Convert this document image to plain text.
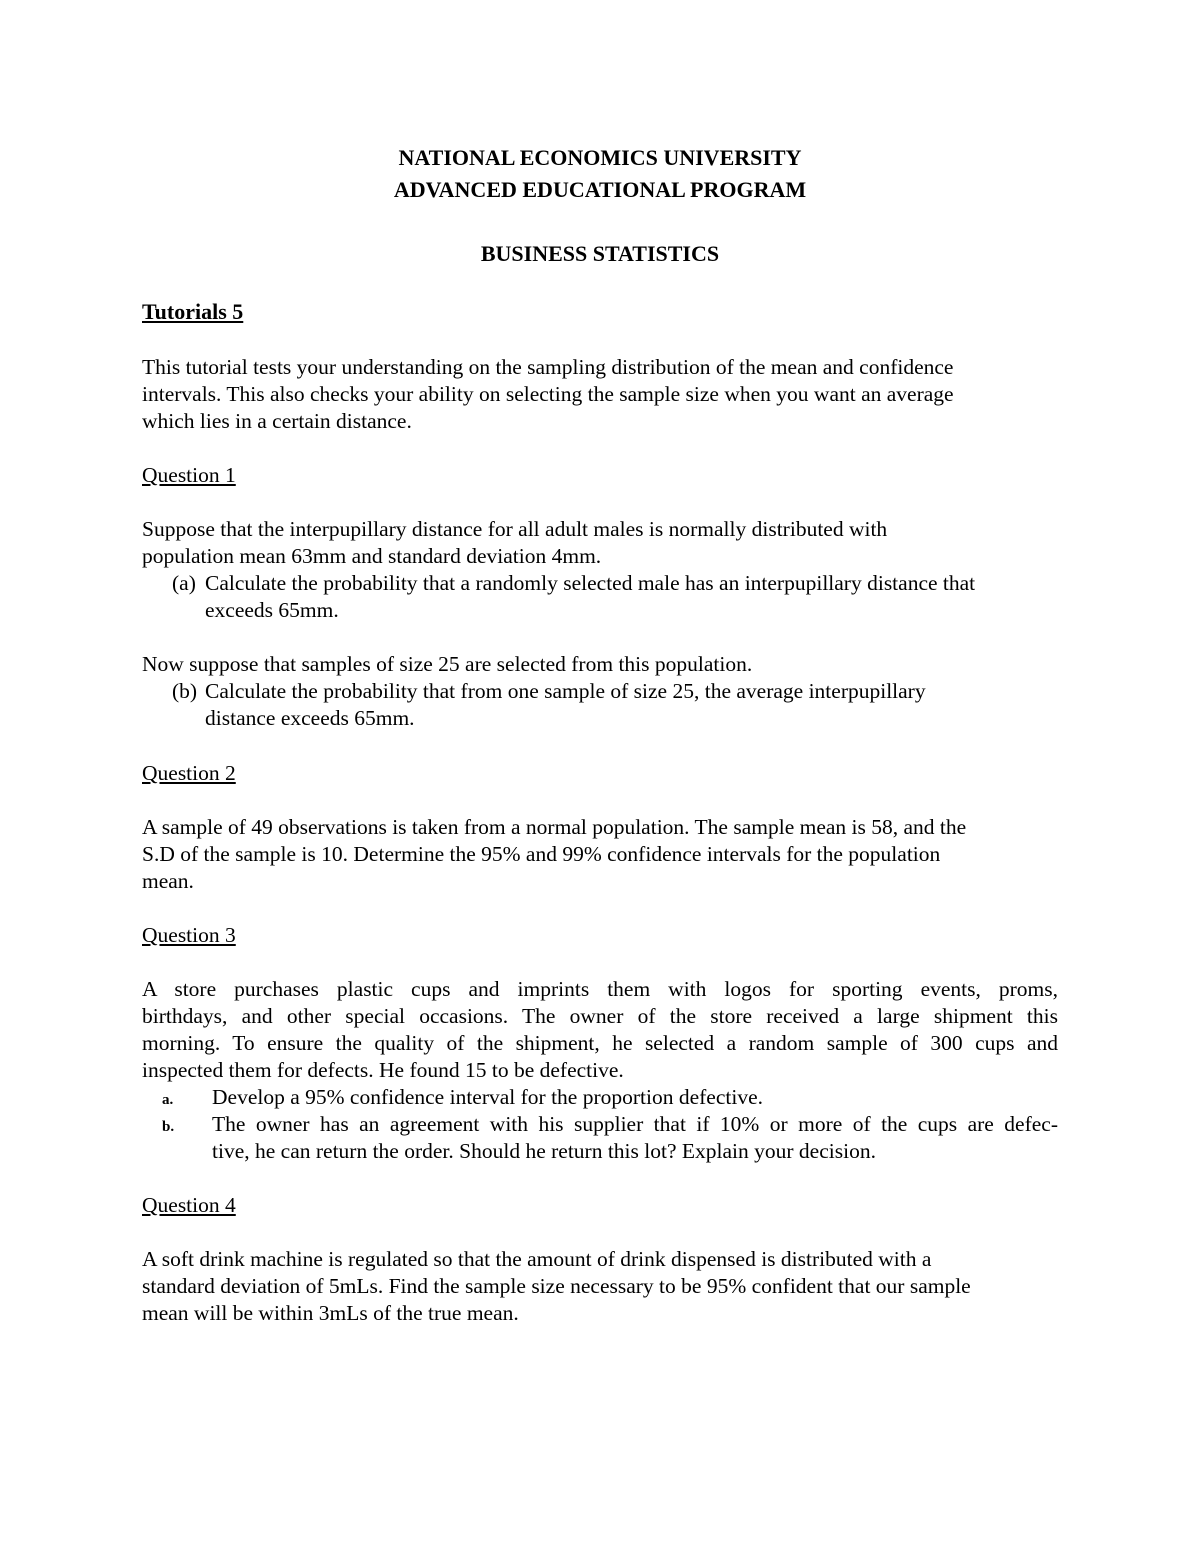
NATIONAL ECONOMICS UNIVERSITY
ADVANCED EDUCATIONAL PROGRAM
BUSINESS STATISTICS
Tutorials 5
This tutorial tests your understanding on the sampling distribution of the mean and confidence
intervals. This also checks your ability on selecting the sample size when you want an average
which lies in a certain distance.
Question 1
Suppose that the interpupillary distance for all adult males is normally distributed with
population mean 63mm and standard deviation 4mm.
(a) Calculate the probability that a randomly selected male has an interpupillary distance that
exceeds 65mm.
Now suppose that samples of size 25 are selected from this population.
(b) Calculate the probability that from one sample of size 25, the average interpupillary
distance exceeds 65mm.
Question 2
A sample of 49 observations is taken from a normal population. The sample mean is 58, and the
S.D of the sample is 10. Determine the 95% and 99% confidence intervals for the population
mean.
Question 3
A store purchases plastic cups and imprints them with logos for sporting events, proms,
birthdays, and other special occasions. The owner of the store received a large shipment this
morning. To ensure the quality of the shipment, he selected a random sample of 300 cups and
inspected them for defects. He found 15 to be defective.
a.	Develop a 95% confidence interval for the proportion defective.
b.	The owner has an agreement with his supplier that if 10% or more of the cups are defec-
tive, he can return the order. Should he return this lot? Explain your decision.
Question 4
A soft drink machine is regulated so that the amount of drink dispensed is distributed with a
standard deviation of 5mLs. Find the sample size necessary to be 95% confident that our sample
mean will be within 3mLs of the true mean.
